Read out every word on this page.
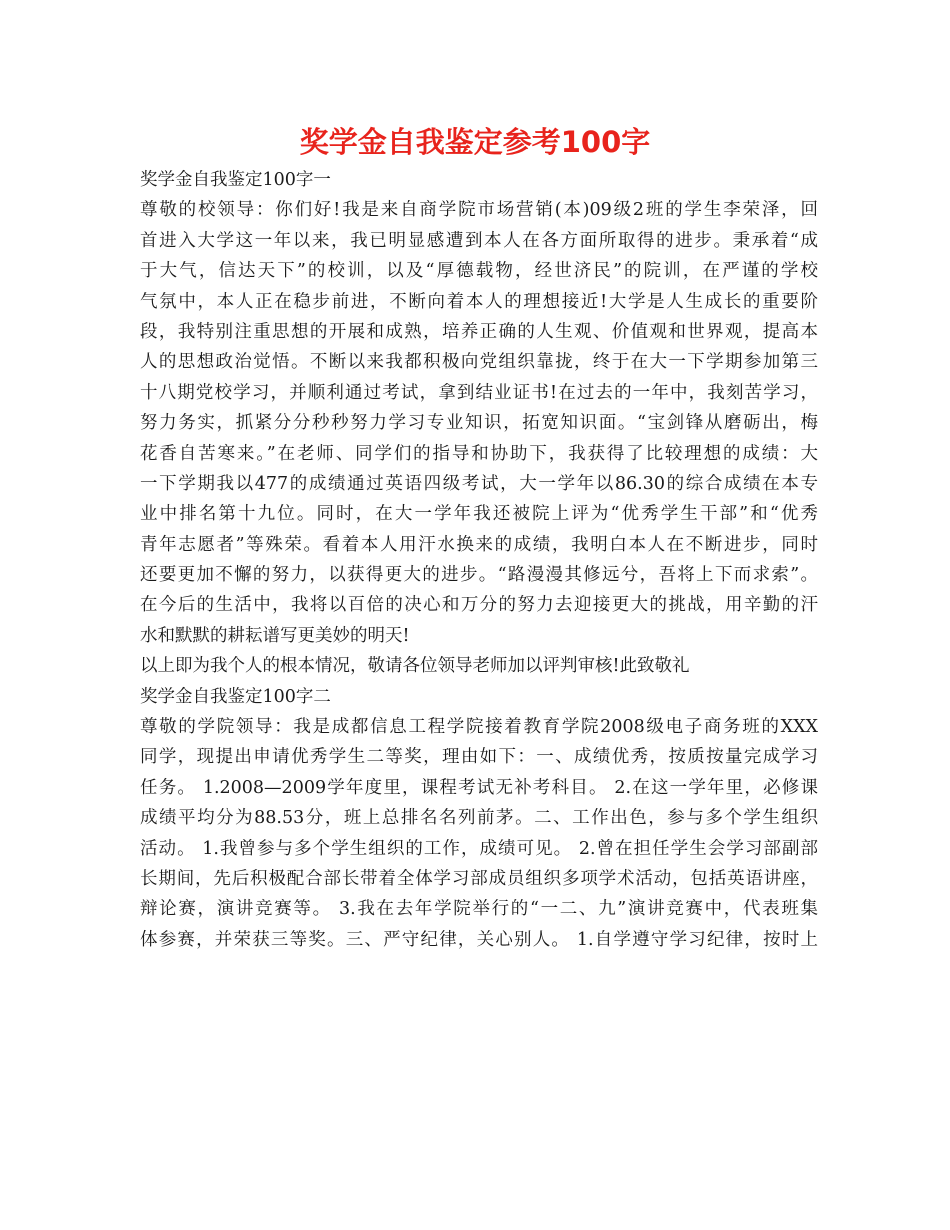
奖学金自我鉴定参考100字
奖学金自我鉴定100字一
尊敬的校领导：你们好!我是来自商学院市场营销(本)09级2班的学生李荣泽，回
首进入大学这一年以来，我已明显感遭到本人在各方面所取得的进步。秉承着“成
于大气，信达天下”的校训，以及“厚德载物，经世济民”的院训，在严谨的学校
气氛中，本人正在稳步前进，不断向着本人的理想接近!大学是人生成长的重要阶
段，我特别注重思想的开展和成熟，培养正确的人生观、价值观和世界观，提高本
人的思想政治觉悟。不断以来我都积极向党组织靠拢，终于在大一下学期参加第三
十八期党校学习，并顺利通过考试，拿到结业证书!在过去的一年中，我刻苦学习，
努力务实，抓紧分分秒秒努力学习专业知识，拓宽知识面。“宝剑锋从磨砺出，梅
花香自苦寒来。”在老师、同学们的指导和协助下，我获得了比较理想的成绩：大
一下学期我以477的成绩通过英语四级考试，大一学年以86.30的综合成绩在本专
业中排名第十九位。同时，在大一学年我还被院上评为“优秀学生干部”和“优秀
青年志愿者”等殊荣。看着本人用汗水换来的成绩，我明白本人在不断进步，同时
还要更加不懈的努力，以获得更大的进步。“路漫漫其修远兮，吾将上下而求索”。
在今后的生活中，我将以百倍的决心和万分的努力去迎接更大的挑战，用辛勤的汗
水和默默的耕耘谱写更美妙的明天!
以上即为我个人的根本情况，敬请各位领导老师加以评判审核!此致敬礼
奖学金自我鉴定100字二
尊敬的学院领导：我是成都信息工程学院接着教育学院2008级电子商务班的XXX
同学，现提出申请优秀学生二等奖，理由如下：一、成绩优秀，按质按量完成学习
任务。 1.2008—2009学年度里，课程考试无补考科目。 2.在这一学年里，必修课
成绩平均分为88.53分，班上总排名名列前茅。二、工作出色，参与多个学生组织
活动。 1.我曾参与多个学生组织的工作，成绩可见。 2.曾在担任学生会学习部副部
长期间，先后积极配合部长带着全体学习部成员组织多项学术活动，包括英语讲座，
辩论赛，演讲竞赛等。 3.我在去年学院举行的“一二、九”演讲竞赛中，代表班集
体参赛，并荣获三等奖。三、严守纪律，关心别人。 1.自学遵守学习纪律，按时上
